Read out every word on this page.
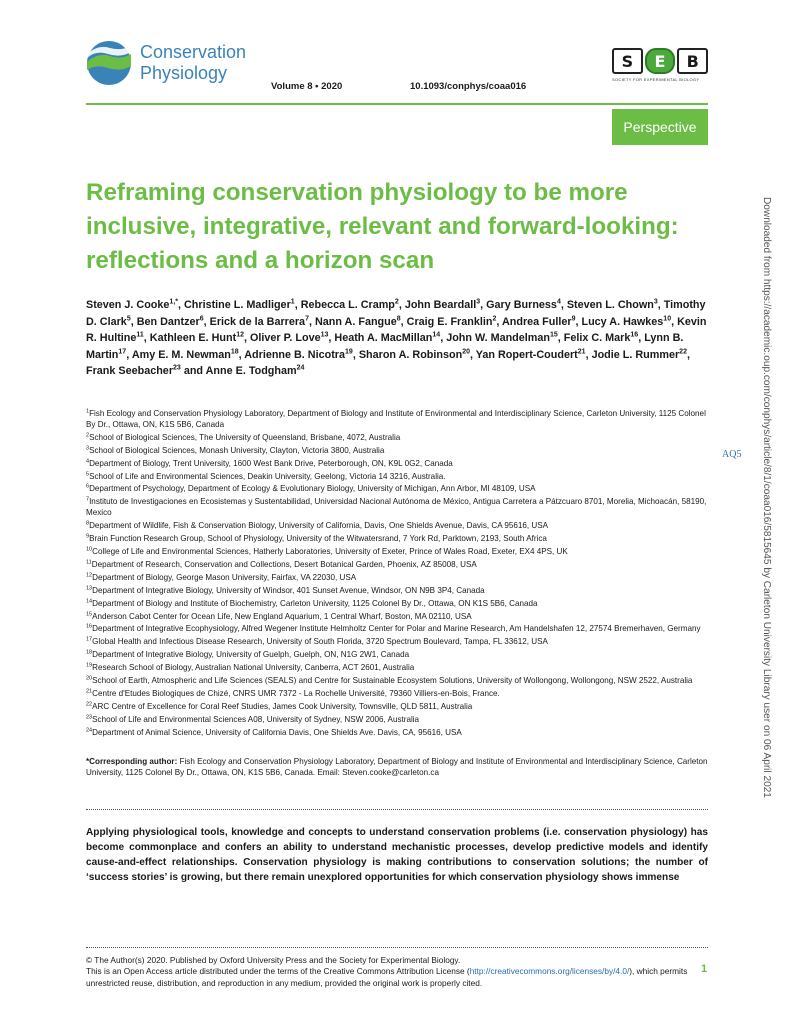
Conservation
Physiology
Volume 8 • 2020	10.1093/conphys/coaa016
S	E	B
SOCIETY FOR EXPERIMENTAL BIOLOGY
Perspective
Reframing conservation physiology to be more inclusive, integrative, relevant and forward-looking: reflections and a horizon scan
Steven J. Cooke$^{1,*}$, Christine L. Madliger$^1$, Rebecca L. Cramp$^2$, John Beardall$^3$, Gary Burness$^4$, Steven L. Chown$^3$, Timothy D. Clark$^5$, Ben Dantzer$^6$, Erick de la Barrera$^7$, Nann A. Fangue$^8$, Craig E. Franklin$^2$, Andrea Fuller$^9$, Lucy A. Hawkes$^{10}$, Kevin R. Hultine$^{11}$, Kathleen E. Hunt$^{12}$, Oliver P. Love$^{13}$, Heath A. MacMillan$^{14}$, John W. Mandelman$^{15}$, Felix C. Mark$^{16}$, Lynn B. Martin$^{17}$, Amy E. M. Newman$^{18}$, Adrienne B. Nicotra$^{19}$, Sharon A. Robinson$^{20}$, Yan Ropert-Coudert$^{21}$, Jodie L. Rummer$^{22}$, Frank Seebacher$^{23}$ and Anne E. Todgham$^{24}$
$^1$Fish Ecology and Conservation Physiology Laboratory, Department of Biology and Institute of Environmental and Interdisciplinary Science, Carleton University, 1125 Colonel By Dr., Ottawa, ON, K1S 5B6, Canada
$^2$School of Biological Sciences, The University of Queensland, Brisbane, 4072, Australia
$^3$School of Biological Sciences, Monash University, Clayton, Victoria 3800, Australia
$^4$Department of Biology, Trent University, 1600 West Bank Drive, Peterborough, ON, K9L 0G2, Canada
$^5$School of Life and Environmental Sciences, Deakin University, Geelong, Victoria 14 3216, Australia.
$^6$Department of Psychology, Department of Ecology & Evolutionary Biology, University of Michigan, Ann Arbor, MI 48109, USA
$^7$Instituto de Investigaciones en Ecosistemas y Sustentabilidad, Universidad Nacional Autónoma de México, Antigua Carretera a Pátzcuaro 8701, Morelia, Michoacán, 58190, Mexico
$^8$Department of Wildlife, Fish & Conservation Biology, University of California, Davis, One Shields Avenue, Davis, CA 95616, USA
$^9$Brain Function Research Group, School of Physiology, University of the Witwatersrand, 7 York Rd, Parktown, 2193, South Africa
$^{10}$College of Life and Environmental Sciences, Hatherly Laboratories, University of Exeter, Prince of Wales Road, Exeter, EX4 4PS, UK
$^{11}$Department of Research, Conservation and Collections, Desert Botanical Garden, Phoenix, AZ 85008, USA
$^{12}$Department of Biology, George Mason University, Fairfax, VA 22030, USA
$^{13}$Department of Integrative Biology, University of Windsor, 401 Sunset Avenue, Windsor, ON N9B 3P4, Canada
$^{14}$Department of Biology and Institute of Biochemistry, Carleton University, 1125 Colonel By Dr., Ottawa, ON K1S 5B6, Canada
$^{15}$Anderson Cabot Center for Ocean Life, New England Aquarium, 1 Central Wharf, Boston, MA 02110, USA
$^{16}$Department of Integrative Ecophysiology, Alfred Wegener Institute Helmholtz Center for Polar and Marine Research, Am Handelshafen 12, 27574 Bremerhaven, Germany
$^{17}$Global Health and Infectious Disease Research, University of South Florida, 3720 Spectrum Boulevard, Tampa, FL 33612, USA
$^{18}$Department of Integrative Biology, University of Guelph, Guelph, ON, N1G 2W1, Canada
$^{19}$Research School of Biology, Australian National University, Canberra, ACT 2601, Australia
$^{20}$School of Earth, Atmospheric and Life Sciences (SEALS) and Centre for Sustainable Ecosystem Solutions, University of Wollongong, Wollongong, NSW 2522, Australia
$^{21}$Centre d'Etudes Biologiques de Chizé, CNRS UMR 7372 - La Rochelle Université, 79360 Villiers-en-Bois, France.
$^{22}$ARC Centre of Excellence for Coral Reef Studies, James Cook University, Townsville, QLD 5811, Australia
$^{23}$School of Life and Environmental Sciences A08, University of Sydney, NSW 2006, Australia
$^{24}$Department of Animal Science, University of California Davis, One Shields Ave. Davis, CA, 95616, USA
*Corresponding author: Fish Ecology and Conservation Physiology Laboratory, Department of Biology and Institute of Environmental and Interdisciplinary Science, Carleton University, 1125 Colonel By Dr., Ottawa, ON, K1S 5B6, Canada. Email: Steven.cooke@carleton.ca
Applying physiological tools, knowledge and concepts to understand conservation problems (i.e. conservation physiology) has become commonplace and confers an ability to understand mechanistic processes, develop predictive models and identify cause-and-effect relationships. Conservation physiology is making contributions to conservation solutions; the number of ‘success stories’ is growing, but there remain unexplored opportunities for which conservation physiology shows immense
© The Author(s) 2020. Published by Oxford University Press and the Society for Experimental Biology.
This is an Open Access article distributed under the terms of the Creative Commons Attribution License (http://creativecommons.org/licenses/by/4.0/), which permits unrestricted reuse, distribution, and reproduction in any medium, provided the original work is properly cited.
1
AQ5 Downloaded from https://academic.oup.com/conphys/article/8/1/coaa016/5815645 by Carleton University Library user on 06 April 2021
